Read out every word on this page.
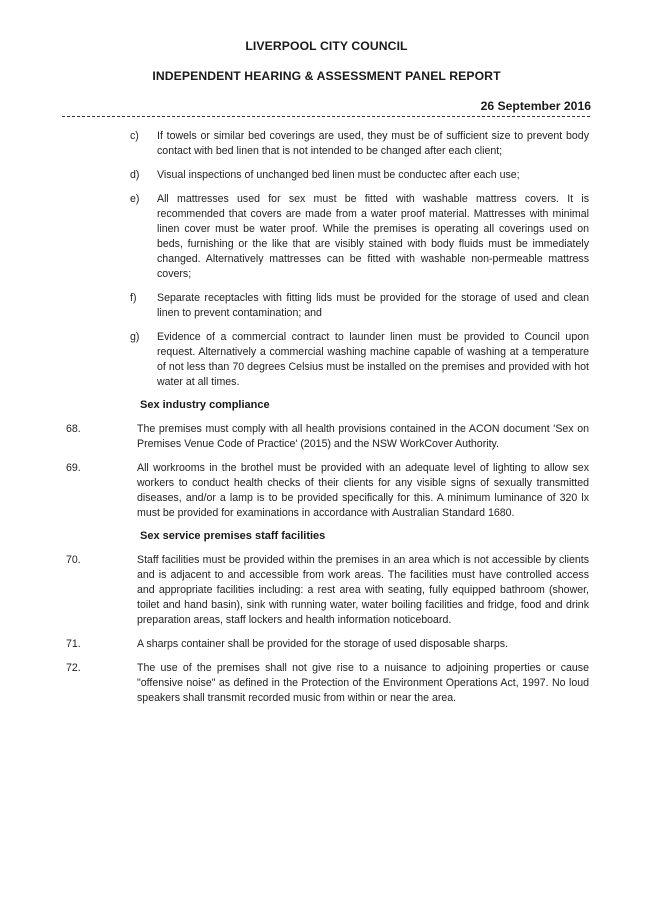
LIVERPOOL CITY COUNCIL
INDEPENDENT HEARING & ASSESSMENT PANEL REPORT
26 September 2016
c) If towels or similar bed coverings are used, they must be of sufficient size to prevent body contact with bed linen that is not intended to be changed after each client;
d) Visual inspections of unchanged bed linen must be conductec after each use;
e) All mattresses used for sex must be fitted with washable mattress covers. It is recommended that covers are made from a water proof material. Mattresses with minimal linen cover must be water proof. While the premises is operating all coverings used on beds, furnishing or the like that are visibly stained with body fluids must be immediately changed. Alternatively mattresses can be fitted with washable non-permeable mattress covers;
f) Separate receptacles with fitting lids must be provided for the storage of used and clean linen to prevent contamination; and
g) Evidence of a commercial contract to launder linen must be provided to Council upon request. Alternatively a commercial washing machine capable of washing at a temperature of not less than 70 degrees Celsius must be installed on the premises and provided with hot water at all times.
Sex industry compliance
68.	The premises must comply with all health provisions contained in the ACON document 'Sex on Premises Venue Code of Practice' (2015) and the NSW WorkCover Authority.
69.	All workrooms in the brothel must be provided with an adequate level of lighting to allow sex workers to conduct health checks of their clients for any visible signs of sexually transmitted diseases, and/or a lamp is to be provided specifically for this. A minimum luminance of 320 lx must be provided for examinations in accordance with Australian Standard 1680.
Sex service premises staff facilities
70.	Staff facilities must be provided within the premises in an area which is not accessible by clients and is adjacent to and accessible from work areas. The facilities must have controlled access and appropriate facilities including: a rest area with seating, fully equipped bathroom (shower, toilet and hand basin), sink with running water, water boiling facilities and fridge, food and drink preparation areas, staff lockers and health information noticeboard.
71.	A sharps container shall be provided for the storage of used disposable sharps.
72.	The use of the premises shall not give rise to a nuisance to adjoining properties or cause "offensive noise" as defined in the Protection of the Environment Operations Act, 1997. No loud speakers shall transmit recorded music from within or near the area.
